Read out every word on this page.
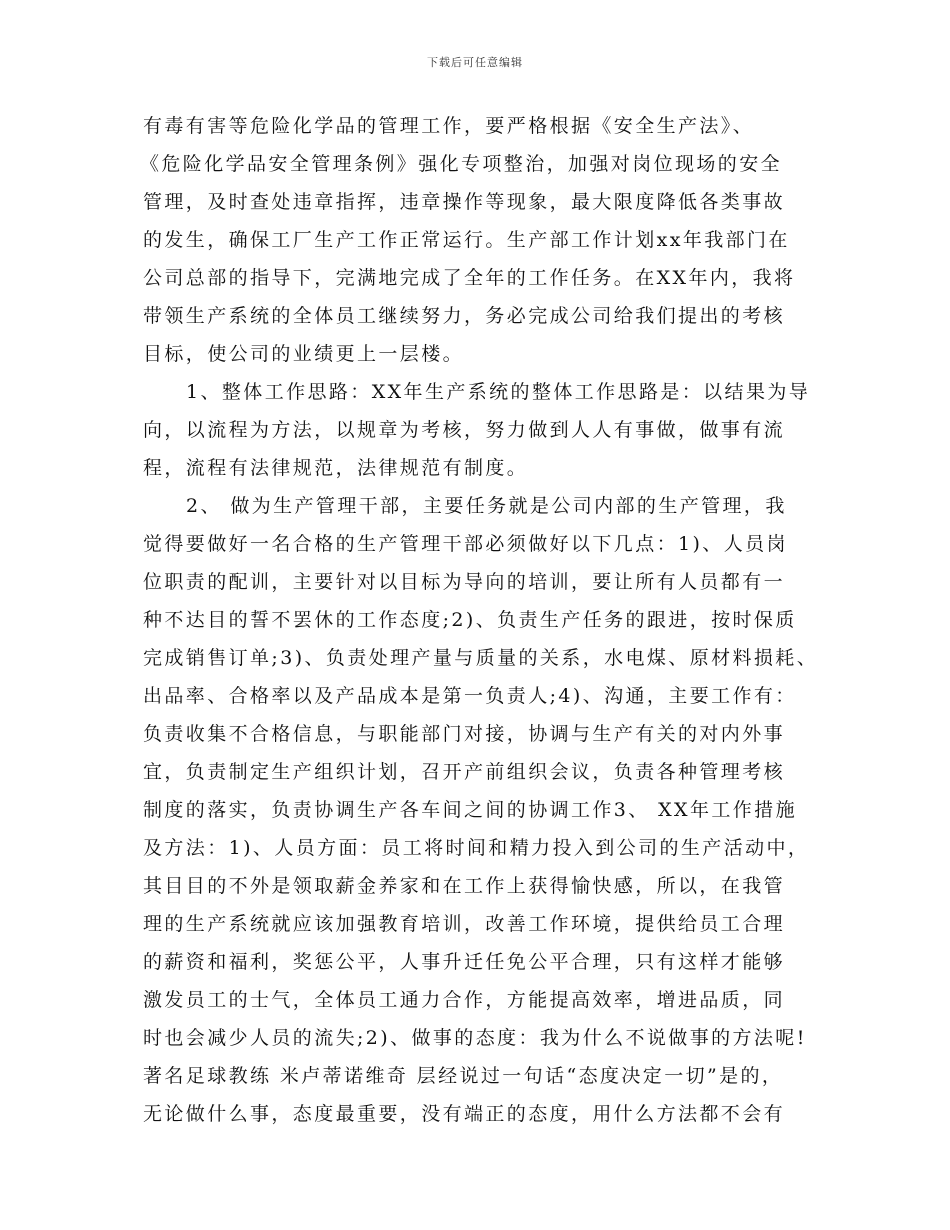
下载后可任意编辑
有毒有害等危险化学品的管理工作，要严格根据《安全生产法》、
《危险化学品安全管理条例》强化专项整治，加强对岗位现场的安全
管理，及时查处违章指挥，违章操作等现象，最大限度降低各类事故
的发生，确保工厂生产工作正常运行。生产部工作计划xx年我部门在
公司总部的指导下，完满地完成了全年的工作任务。在XX年内，我将
带领生产系统的全体员工继续努力，务必完成公司给我们提出的考核
目标，使公司的业绩更上一层楼。
1、整体工作思路：XX年生产系统的整体工作思路是：以结果为导
向，以流程为方法，以规章为考核，努力做到人人有事做，做事有流
程，流程有法律规范，法律规范有制度。
2、 做为生产管理干部，主要任务就是公司内部的生产管理，我
觉得要做好一名合格的生产管理干部必须做好以下几点：1)、人员岗
位职责的配训，主要针对以目标为导向的培训，要让所有人员都有一
种不达目的誓不罢休的工作态度;2)、负责生产任务的跟进，按时保质
完成销售订单;3)、负责处理产量与质量的关系，水电煤、原材料损耗、
出品率、合格率以及产品成本是第一负责人;4)、沟通，主要工作有：
负责收集不合格信息，与职能部门对接，协调与生产有关的对内外事
宜，负责制定生产组织计划，召开产前组织会议，负责各种管理考核
制度的落实，负责协调生产各车间之间的协调工作3、 XX年工作措施
及方法：1)、人员方面：员工将时间和精力投入到公司的生产活动中，
其目目的不外是领取薪金养家和在工作上获得愉快感，所以，在我管
理的生产系统就应该加强教育培训，改善工作环境，提供给员工合理
的薪资和福利，奖惩公平，人事升迁任免公平合理，只有这样才能够
激发员工的士气，全体员工通力合作，方能提高效率，增进品质，同
时也会减少人员的流失;2)、做事的态度：我为什么不说做事的方法呢!
著名足球教练 米卢蒂诺维奇 层经说过一句话“态度决定一切”是的，
无论做什么事，态度最重要，没有端正的态度，用什么方法都不会有
